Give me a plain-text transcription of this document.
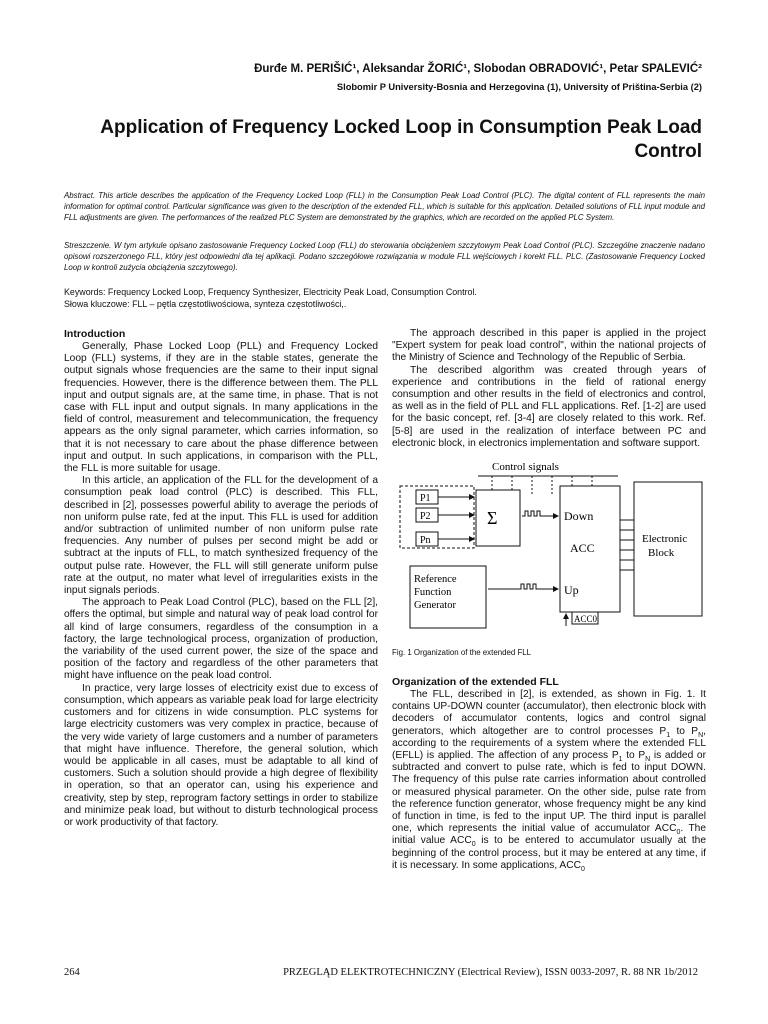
Đurđe M. PERIŠIĆ¹, Aleksandar ŽORIĆ¹, Slobodan OBRADOVIĆ¹, Petar SPALEVIĆ²
Slobomir P University-Bosnia and Herzegovina (1), University of Priština-Serbia (2)
Application of Frequency Locked Loop in Consumption Peak Load Control

Abstract. This article describes the application of the Frequency Locked Loop (FLL) in the Consumption Peak Load Control (PLC). The digital content of FLL represents the main information for optimal control. Particular significance was given to the description of the extended FLL, which is suitable for this application. Detailed solutions of FLL input module and FLL adjustments are given. The performances of the realized PLC System are demonstrated by the graphics, which are recorded on the applied PLC System.

Streszczenie. W tym artykule opisano zastosowanie Frequency Locked Loop (FLL) do sterowania obciążeniem szczytowym Peak Load Control (PLC). Szczególne znaczenie nadano opisowi rozszerzonego FLL, który jest odpowiedni dla tej aplikacji. Podano szczegółowe rozwiązania w module FLL wejściowych i korekt FLL. PLC. (Zastosowanie Frequency Locked Loop w kontroli zużycia obciążenia szczytowego).

Keywords: Frequency Locked Loop, Frequency Synthesizer, Electricity Peak Load, Consumption Control.

Słowa kluczowe: FLL – pętla częstotliwościowa, synteza częstotliwości,.

Introduction

Generally, Phase Locked Loop (PLL) and Frequency Locked Loop (FLL) systems, if they are in the stable states, generate the output signals whose frequencies are the same to their input signal frequencies. However, there is the difference between them. The PLL input and output signals are, at the same time, in phase. That is not case with FLL input and output signals. In many applications in the field of control, measurement and telecommunication, the frequency appears as the only signal parameter, which carries information, so that it is not necessary to care about the phase difference between input and output. In such applications, in comparison with the PLL, the FLL is more suitable for usage.

In this article, an application of the FLL for the development of a consumption peak load control (PLC) is described. This FLL, described in [2], possesses powerful ability to average the periods of non uniform pulse rate, fed at the input. This FLL is used for addition and/or subtraction of unlimited number of non uniform pulse rate frequencies. Any number of pulses per second might be add or subtract at the inputs of FLL, to match synthesized frequency of the output pulse rate. However, the FLL will still generate uniform pulse rate at the output, no mater what level of irregularities exists in the input signals periods.

The approach to Peak Load Control (PLC), based on the FLL [2], offers the optimal, but simple and natural way of peak load control for all kind of large consumers, regardless of the consumption in a factory, the large technological process, organization of production, the variability of the used current power, the size of the space and position of the factory and regardless of the other parameters that might have influence on the peak load control.

In practice, very large losses of electricity exist due to excess of consumption, which appears as variable peak load for large electricity customers and for citizens in wide consumption. PLC systems for large electricity customers was very complex in practice, because of the very wide variety of large customers and a number of parameters that might have influence. Therefore, the general solution, which would be applicable in all cases, must be adaptable to all kind of customers. Such a solution should provide a high degree of flexibility in operation, so that an operator can, using his experience and creativity, step by step, reprogram factory settings in order to stabilize and minimize peak load, but without to disturb technological process or work productivity of that factory.

The approach described in this paper is applied in the project "Expert system for peak load control", within the national projects of the Ministry of Science and Technology of the Republic of Serbia.

The described algorithm was created through years of experience and contributions in the field of rational energy consumption and other results in the field of electronics and control, as well as in the field of PLL and FLL applications. Ref. [1-2] are used for the basic concept, ref. [3-4] are closely related to this work. Ref. [5-8] are used in the realization of interface between PC and electronic block, in electronics implementation and software support.

Control signals
P1
P2
Pn
Σ	Down
ACC
Up
Reference
Function
Generator
ACC0
Electronic
Block
Fig. 1 Organization of the extended FLL
Organization of the extended FLL

The FLL, described in [2], is extended, as shown in Fig. 1. It contains UP-DOWN counter (accumulator), then electronic block with decoders of accumulator contents, logics and control signal generators, which altogether are to control processes $P_1$ to $P_N$, according to the requirements of a system where the extended FLL (EFLL) is applied. The affection of any process $P_1$ to $P_N$ is added or subtracted and convert to pulse rate, which is fed to input DOWN. The frequency of this pulse rate carries information about controlled or measured physical parameter. On the other side, pulse rate from the reference function generator, whose frequency might be any kind of function in time, is fed to the input UP. The third input is parallel one, which represents the initial value of accumulator $ACC_0$. The initial value $ACC_0$ is to be entered to accumulator usually at the beginning of the control process, but it may be entered at any time, if it is necessary. In some applications, $ACC_0$

264	PRZEGLĄD ELEKTROTECHNICZNY (Electrical Review), ISSN 0033-2097, R. 88 NR 1b/2012
